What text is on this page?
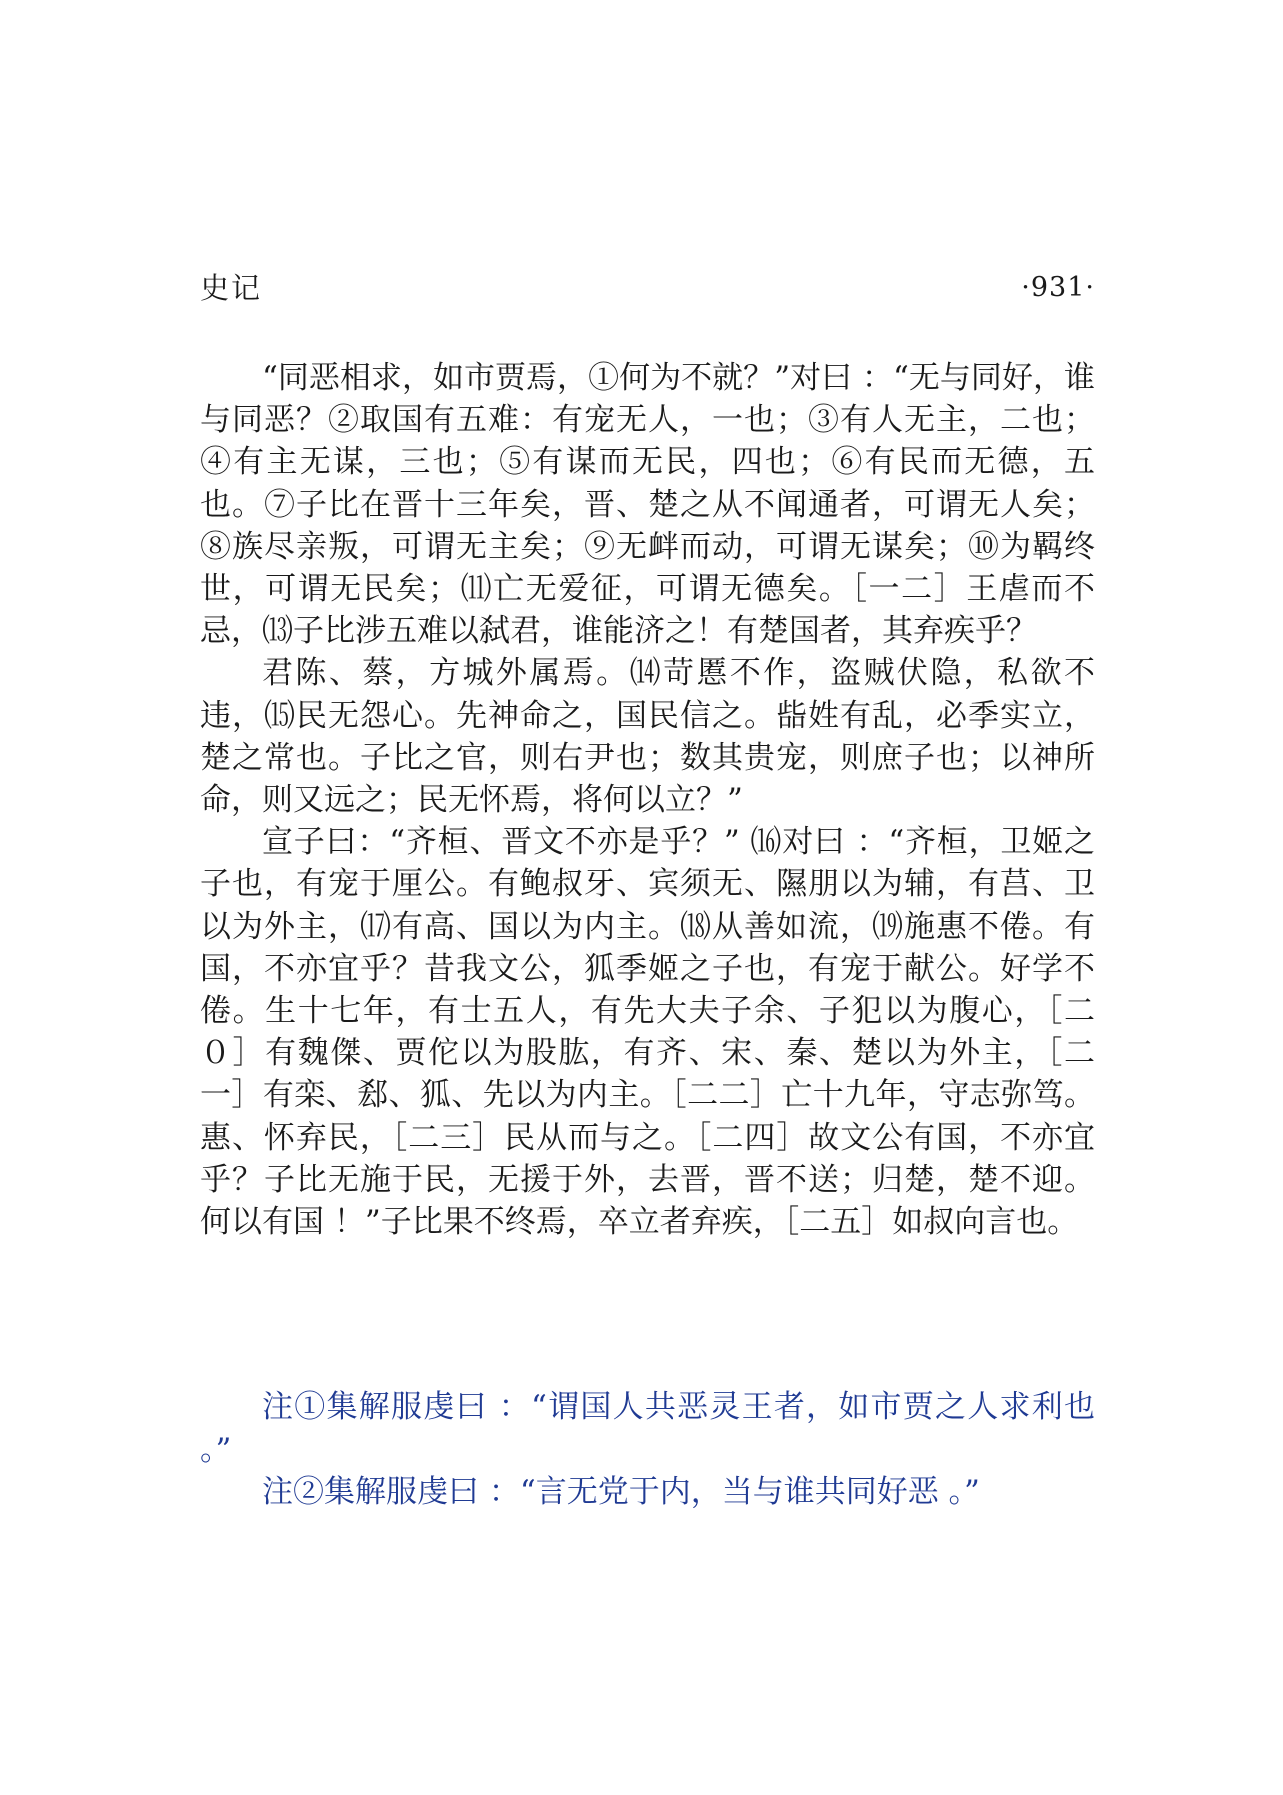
史记	·931·

“同恶相求，如市贾焉，①何为不就？”对曰 ：“无与同好，谁与同恶？②取国有五难：有宠无人，一也；③有人无主，二也；④有主无谋，三也；⑤有谋而无民，四也；⑥有民而无德，五也。⑦子比在晋十三年矣，晋、楚之从不闻通者，可谓无人矣；⑧族尽亲叛，可谓无主矣；⑨无衅而动，可谓无谋矣；⑩为羁终世，可谓无民矣；⑾亡无爱征，可谓无德矣。［一二］王虐而不忌，⒀子比涉五难以弑君，谁能济之！有楚国者，其弃疾乎？

君陈、蔡，方城外属焉。⒁苛慝不作，盗贼伏隐，私欲不违，⒂民无怨心。先神命之，国民信之。啙姓有乱，必季实立，楚之常也。子比之官，则右尹也；数其贵宠，则庶子也；以神所命，则又远之；民无怀焉，将何以立？”

宣子曰：“齐桓、晋文不亦是乎？” ⒃对曰 ：“齐桓，卫姬之子也，有宠于厘公。有鲍叔牙、宾须无、隰朋以为辅，有莒、卫以为外主，⒄有高、国以为内主。⒅从善如流，⒆施惠不倦。有国，不亦宜乎？昔我文公，狐季姬之子也，有宠于献公。好学不倦。生十七年，有士五人，有先大夫子余、子犯以为腹心，［二０］有魏傑、贾佗以为股肱，有齐、宋、秦、楚以为外主，［二一］有栾、郄、狐、先以为内主。［二二］亡十九年，守志弥笃。惠、怀弃民，［二三］民从而与之。［二四］故文公有国，不亦宜乎？子比无施于民，无援于外，去晋，晋不送；归楚，楚不迎。何以有国 ！”子比果不终焉，卒立者弃疾，［二五］如叔向言也。

注①集解服虔曰 ：“谓国人共恶灵王者，如市贾之人求利也 。”

注②集解服虔曰 ：“言无党于内，当与谁共同好恶 。”
